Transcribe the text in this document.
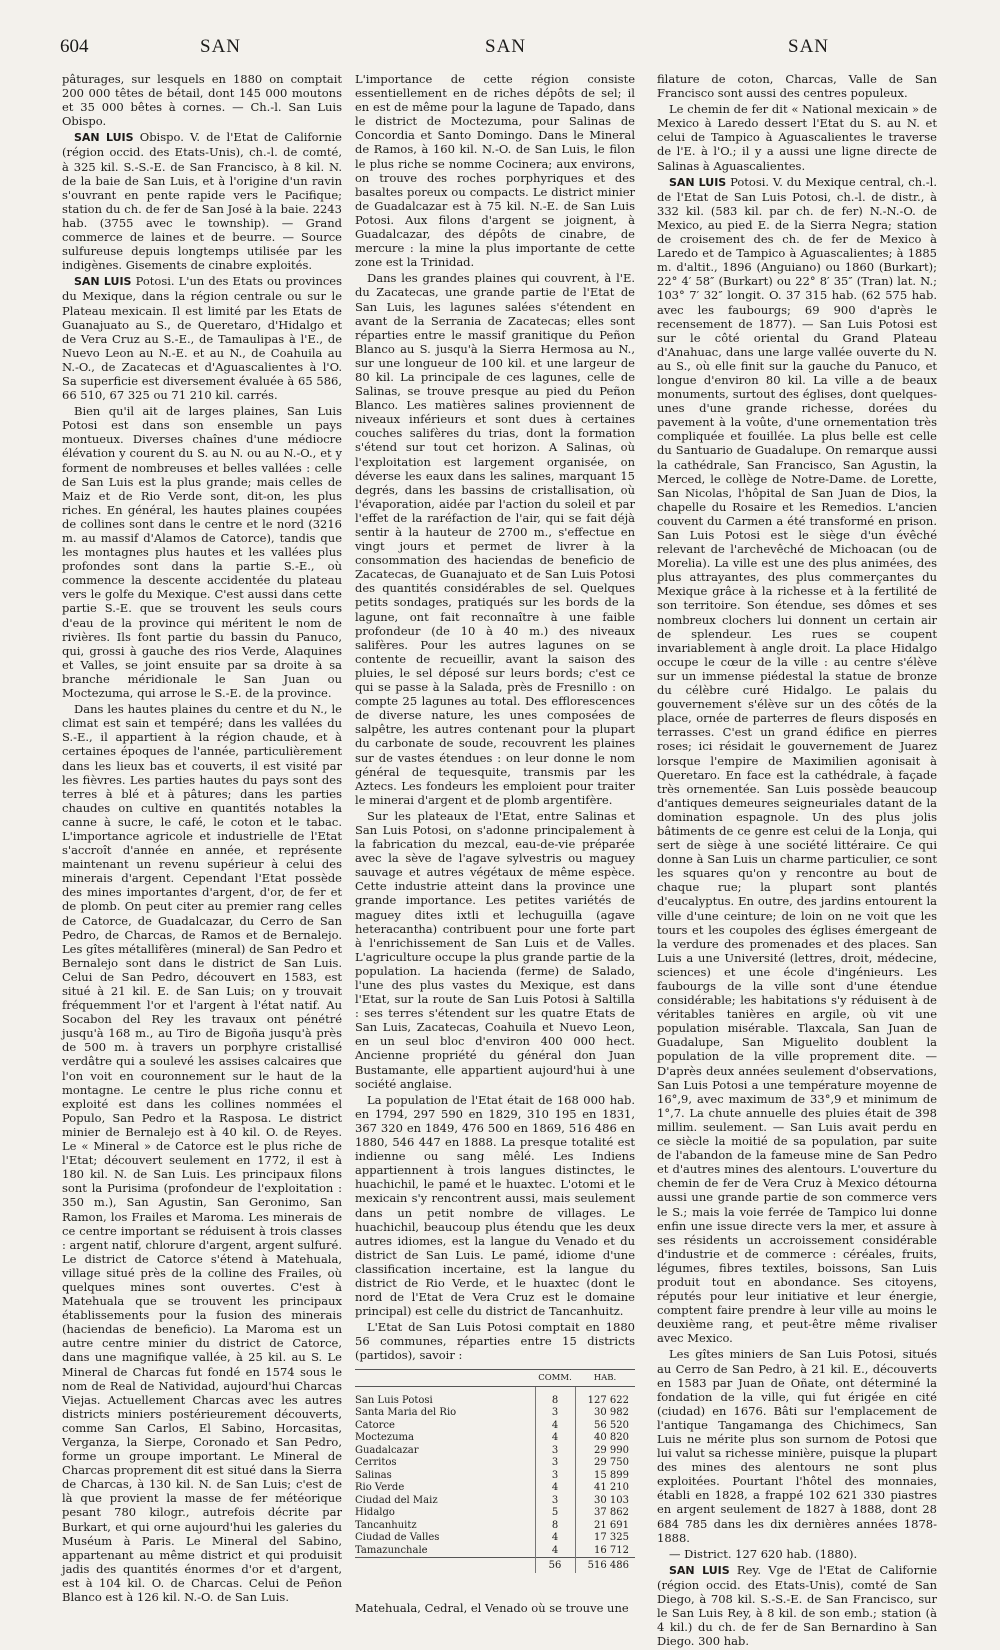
604	SAN	SAN	SAN

pâturages, sur lesquels en 1880 on comptait 200 000 têtes de bétail, dont 145 000 moutons et 35 000 bêtes à cornes. — Ch.-l. San Luis Obispo.

SAN LUIS Obispo. V. de l'Etat de Californie (région occid. des Etats-Unis), ch.-l. de comté, à 325 kil. S.-S.-E. de San Francisco, à 8 kil. N. de la baie de San Luis, et à l'origine d'un ravin s'ouvrant en pente rapide vers le Pacifique; station du ch. de fer de San José à la baie. 2243 hab. (3755 avec le township). — Grand commerce de laines et de beurre. — Source sulfureuse depuis longtemps utilisée par les indigènes. Gisements de cinabre exploités.

SAN LUIS Potosi. L'un des Etats ou provinces du Mexique, dans la région centrale ou sur le Plateau mexicain. Il est limité par les Etats de Guanajuato au S., de Queretaro, d'Hidalgo et de Vera Cruz au S.-E., de Tamaulipas à l'E., de Nuevo Leon au N.-E. et au N., de Coahuila au N.-O., de Zacatecas et d'Aguascalientes à l'O. Sa superficie est diversement évaluée à 65 586, 66 510, 67 325 ou 71 210 kil. carrés.

Bien qu'il ait de larges plaines, San Luis Potosi est dans son ensemble un pays montueux. Diverses chaînes d'une médiocre élévation y courent du S. au N. ou au N.-O., et y forment de nombreuses et belles vallées : celle de San Luis est la plus grande; mais celles de Maiz et de Rio Verde sont, dit-on, les plus riches. En général, les hautes plaines coupées de collines sont dans le centre et le nord (3216 m. au massif d'Alamos de Catorce), tandis que les montagnes plus hautes et les vallées plus profondes sont dans la partie S.-E., où commence la descente accidentée du plateau vers le golfe du Mexique. C'est aussi dans cette partie S.-E. que se trouvent les seuls cours d'eau de la province qui méritent le nom de rivières. Ils font partie du bassin du Panuco, qui, grossi à gauche des rios Verde, Alaquines et Valles, se joint ensuite par sa droite à sa branche méridionale le San Juan ou Moctezuma, qui arrose le S.-E. de la province.

Dans les hautes plaines du centre et du N., le climat est sain et tempéré; dans les vallées du S.-E., il appartient à la région chaude, et à certaines époques de l'année, particulièrement dans les lieux bas et couverts, il est visité par les fièvres. Les parties hautes du pays sont des terres à blé et à pâtures; dans les parties chaudes on cultive en quantités notables la canne à sucre, le café, le coton et le tabac. L'importance agricole et industrielle de l'Etat s'accroît d'année en année, et représente maintenant un revenu supérieur à celui des minerais d'argent. Cependant l'Etat possède des mines importantes d'argent, d'or, de fer et de plomb. On peut citer au premier rang celles de Catorce, de Guadalcazar, du Cerro de San Pedro, de Charcas, de Ramos et de Bernalejo. Les gîtes métallifères (mineral) de San Pedro et Bernalejo sont dans le district de San Luis. Celui de San Pedro, découvert en 1583, est situé à 21 kil. E. de San Luis; on y trouvait fréquemment l'or et l'argent à l'état natif. Au Socabon del Rey les travaux ont pénétré jusqu'à 168 m., au Tiro de Bigoña jusqu'à près de 500 m. à travers un porphyre cristallisé verdâtre qui a soulevé les assises calcaires que l'on voit en couronnement sur le haut de la montagne. Le centre le plus riche connu et exploité est dans les collines nommées el Populo, San Pedro et la Rasposa. Le district minier de Bernalejo est à 40 kil. O. de Reyes. Le « Mineral » de Catorce est le plus riche de l'Etat; découvert seulement en 1772, il est à 180 kil. N. de San Luis. Les principaux filons sont la Purisima (profondeur de l'exploitation : 350 m.), San Agustin, San Geronimo, San Ramon, los Frailes et Maroma. Les minerais de ce centre important se réduisent à trois classes : argent natif, chlorure d'argent, argent sulfuré. Le district de Catorce s'étend à Matehuala, village situé près de la colline des Frailes, où quelques mines sont ouvertes. C'est à Matehuala que se trouvent les principaux établissements pour la fusion des minerais (haciendas de beneficio). La Maroma est un autre centre minier du district de Catorce, dans une magnifique vallée, à 25 kil. au S. Le Mineral de Charcas fut fondé en 1574 sous le nom de Real de Natividad, aujourd'hui Charcas Viejas. Actuellement Charcas avec les autres districts miniers postérieurement découverts, comme San Carlos, El Sabino, Horcasitas, Verganza, la Sierpe, Coronado et San Pedro, forme un groupe important. Le Mineral de Charcas proprement dit est situé dans la Sierra de Charcas, à 130 kil. N. de San Luis; c'est de là que provient la masse de fer météorique pesant 780 kilogr., autrefois décrite par Burkart, et qui orne aujourd'hui les galeries du Muséum à Paris. Le Mineral del Sabino, appartenant au même district et qui produisit jadis des quantités énormes d'or et d'argent, est à 104 kil. O. de Charcas. Celui de Peñon Blanco est à 126 kil. N.-O. de San Luis.

L'importance de cette région consiste essentiellement en de riches dépôts de sel; il en est de même pour la lagune de Tapado, dans le district de Moctezuma, pour Salinas de Concordia et Santo Domingo. Dans le Mineral de Ramos, à 160 kil. N.-O. de San Luis, le filon le plus riche se nomme Cocinera; aux environs, on trouve des roches porphyriques et des basaltes poreux ou compacts. Le district minier de Guadalcazar est à 75 kil. N.-E. de San Luis Potosi. Aux filons d'argent se joignent, à Guadalcazar, des dépôts de cinabre, de mercure : la mine la plus importante de cette zone est la Trinidad.

Dans les grandes plaines qui couvrent, à l'E. du Zacatecas, une grande partie de l'Etat de San Luis, les lagunes salées s'étendent en avant de la Serrania de Zacatecas; elles sont réparties entre le massif granitique du Peñon Blanco au S. jusqu'à la Sierra Hermosa au N., sur une longueur de 100 kil. et une largeur de 80 kil. La principale de ces lagunes, celle de Salinas, se trouve presque au pied du Peñon Blanco. Les matières salines proviennent de niveaux inférieurs et sont dues à certaines couches salifères du trias, dont la formation s'étend sur tout cet horizon. A Salinas, où l'exploitation est largement organisée, on déverse les eaux dans les salines, marquant 15 degrés, dans les bassins de cristallisation, où l'évaporation, aidée par l'action du soleil et par l'effet de la raréfaction de l'air, qui se fait déjà sentir à la hauteur de 2700 m., s'effectue en vingt jours et permet de livrer à la consommation des haciendas de beneficio de Zacatecas, de Guanajuato et de San Luis Potosi des quantités considérables de sel. Quelques petits sondages, pratiqués sur les bords de la lagune, ont fait reconnaître à une faible profondeur (de 10 à 40 m.) des niveaux salifères. Pour les autres lagunes on se contente de recueillir, avant la saison des pluies, le sel déposé sur leurs bords; c'est ce qui se passe à la Salada, près de Fresnillo : on compte 25 lagunes au total. Des efflorescences de diverse nature, les unes composées de salpêtre, les autres contenant pour la plupart du carbonate de soude, recouvrent les plaines sur de vastes étendues : on leur donne le nom général de tequesquite, transmis par les Aztecs. Les fondeurs les emploient pour traiter le minerai d'argent et de plomb argentifère.

Sur les plateaux de l'Etat, entre Salinas et San Luis Potosi, on s'adonne principalement à la fabrication du mezcal, eau-de-vie préparée avec la sève de l'agave sylvestris ou maguey sauvage et autres végétaux de même espèce. Cette industrie atteint dans la province une grande importance. Les petites variétés de maguey dites ixtli et lechuguilla (agave heteracantha) contribuent pour une forte part à l'enrichissement de San Luis et de Valles. L'agriculture occupe la plus grande partie de la population. La hacienda (ferme) de Salado, l'une des plus vastes du Mexique, est dans l'Etat, sur la route de San Luis Potosi à Saltilla : ses terres s'étendent sur les quatre Etats de San Luis, Zacatecas, Coahuila et Nuevo Leon, en un seul bloc d'environ 400 000 hect. Ancienne propriété du général don Juan Bustamante, elle appartient aujourd'hui à une société anglaise.

La population de l'Etat était de 168 000 hab. en 1794, 297 590 en 1829, 310 195 en 1831, 367 320 en 1849, 476 500 en 1869, 516 486 en 1880, 546 447 en 1888. La presque totalité est indienne ou sang mêlé. Les Indiens appartiennent à trois langues distinctes, le huachichil, le pamé et le huaxtec. L'otomi et le mexicain s'y rencontrent aussi, mais seulement dans un petit nombre de villages. Le huachichil, beaucoup plus étendu que les deux autres idiomes, est la langue du Venado et du district de San Luis. Le pamé, idiome d'une classification incertaine, est la langue du district de Rio Verde, et le huaxtec (dont le nord de l'Etat de Vera Cruz est le domaine principal) est celle du district de Tancanhuitz.

L'Etat de San Luis Potosi comptait en 1880 56 communes, réparties entre 15 districts (partidos), savoir :

	COMM.	HAB.

San Luis Potosi	8	127 622
Santa Maria del Rio	3	30 982
Catorce	4	56 520
Moctezuma	4	40 820
Guadalcazar	3	29 990
Cerritos	3	29 750
Salinas	3	15 899
Rio Verde	4	41 210
Ciudad del Maiz	3	30 103
Hidalgo	5	37 862
Tancanhuitz	8	21 691
Ciudad de Valles	4	17 325
Tamazunchale	4	16 712
	56	516 486

Matehuala, Cedral, el Venado où se trouve une

filature de coton, Charcas, Valle de San Francisco sont aussi des centres populeux.

Le chemin de fer dit « National mexicain » de Mexico à Laredo dessert l'Etat du S. au N. et celui de Tampico à Aguascalientes le traverse de l'E. à l'O.; il y a aussi une ligne directe de Salinas à Aguascalientes.

SAN LUIS Potosi. V. du Mexique central, ch.-l. de l'Etat de San Luis Potosi, ch.-l. de distr., à 332 kil. (583 kil. par ch. de fer) N.-N.-O. de Mexico, au pied E. de la Sierra Negra; station de croisement des ch. de fer de Mexico à Laredo et de Tampico à Aguascalientes; à 1885 m. d'altit., 1896 (Anguiano) ou 1860 (Burkart); 22° 4′ 58″ (Burkart) ou 22° 8′ 35″ (Tran) lat. N.; 103° 7′ 32″ longit. O. 37 315 hab. (62 575 hab. avec les faubourgs; 69 900 d'après le recensement de 1877). — San Luis Potosi est sur le côté oriental du Grand Plateau d'Anahuac, dans une large vallée ouverte du N. au S., où elle finit sur la gauche du Panuco, et longue d'environ 80 kil. La ville a de beaux monuments, surtout des églises, dont quelques-unes d'une grande richesse, dorées du pavement à la voûte, d'une ornementation très compliquée et fouillée. La plus belle est celle du Santuario de Guadalupe. On remarque aussi la cathédrale, San Francisco, San Agustin, la Merced, le collège de Notre-Dame. de Lorette, San Nicolas, l'hôpital de San Juan de Dios, la chapelle du Rosaire et les Remedios. L'ancien couvent du Carmen a été transformé en prison. San Luis Potosi est le siège d'un évêché relevant de l'archevêché de Michoacan (ou de Morelia). La ville est une des plus animées, des plus attrayantes, des plus commerçantes du Mexique grâce à la richesse et à la fertilité de son territoire. Son étendue, ses dômes et ses nombreux clochers lui donnent un certain air de splendeur. Les rues se coupent invariablement à angle droit. La place Hidalgo occupe le cœur de la ville : au centre s'élève sur un immense piédestal la statue de bronze du célèbre curé Hidalgo. Le palais du gouvernement s'élève sur un des côtés de la place, ornée de parterres de fleurs disposés en terrasses. C'est un grand édifice en pierres roses; ici résidait le gouvernement de Juarez lorsque l'empire de Maximilien agonisait à Queretaro. En face est la cathédrale, à façade très ornementée. San Luis possède beaucoup d'antiques demeures seigneuriales datant de la domination espagnole. Un des plus jolis bâtiments de ce genre est celui de la Lonja, qui sert de siège à une société littéraire. Ce qui donne à San Luis un charme particulier, ce sont les squares qu'on y rencontre au bout de chaque rue; la plupart sont plantés d'eucalyptus. En outre, des jardins entourent la ville d'une ceinture; de loin on ne voit que les tours et les coupoles des églises émergeant de la verdure des promenades et des places. San Luis a une Université (lettres, droit, médecine, sciences) et une école d'ingénieurs. Les faubourgs de la ville sont d'une étendue considérable; les habitations s'y réduisent à de véritables tanières en argile, où vit une population misérable. Tlaxcala, San Juan de Guadalupe, San Miguelito doublent la population de la ville proprement dite. — D'après deux années seulement d'observations, San Luis Potosi a une température moyenne de 16°,9, avec maximum de 33°,9 et minimum de 1°,7. La chute annuelle des pluies était de 398 millim. seulement. — San Luis avait perdu en ce siècle la moitié de sa population, par suite de l'abandon de la fameuse mine de San Pedro et d'autres mines des alentours. L'ouverture du chemin de fer de Vera Cruz à Mexico détourna aussi une grande partie de son commerce vers le S.; mais la voie ferrée de Tampico lui donne enfin une issue directe vers la mer, et assure à ses résidents un accroissement considérable d'industrie et de commerce : céréales, fruits, légumes, fibres textiles, boissons, San Luis produit tout en abondance. Ses citoyens, réputés pour leur initiative et leur énergie, comptent faire prendre à leur ville au moins le deuxième rang, et peut-être même rivaliser avec Mexico.

Les gîtes miniers de San Luis Potosi, situés au Cerro de San Pedro, à 21 kil. E., découverts en 1583 par Juan de Oñate, ont déterminé la fondation de la ville, qui fut érigée en cité (ciudad) en 1676. Bâti sur l'emplacement de l'antique Tangamanga des Chichimecs, San Luis ne mérite plus son surnom de Potosi que lui valut sa richesse minière, puisque la plupart des mines des alentours ne sont plus exploitées. Pourtant l'hôtel des monnaies, établi en 1828, a frappé 102 621 330 piastres en argent seulement de 1827 à 1888, dont 28 684 785 dans les dix dernières années 1878-1888.

— District. 127 620 hab. (1880).

SAN LUIS Rey. Vge de l'Etat de Californie (région occid. des Etats-Unis), comté de San Diego, à 708 kil. S.-S.-E. de San Francisco, sur le San Luis Rey, à 8 kil. de son emb.; station (à 4 kil.) du ch. de fer de San Bernardino à San Diego. 300 hab.
